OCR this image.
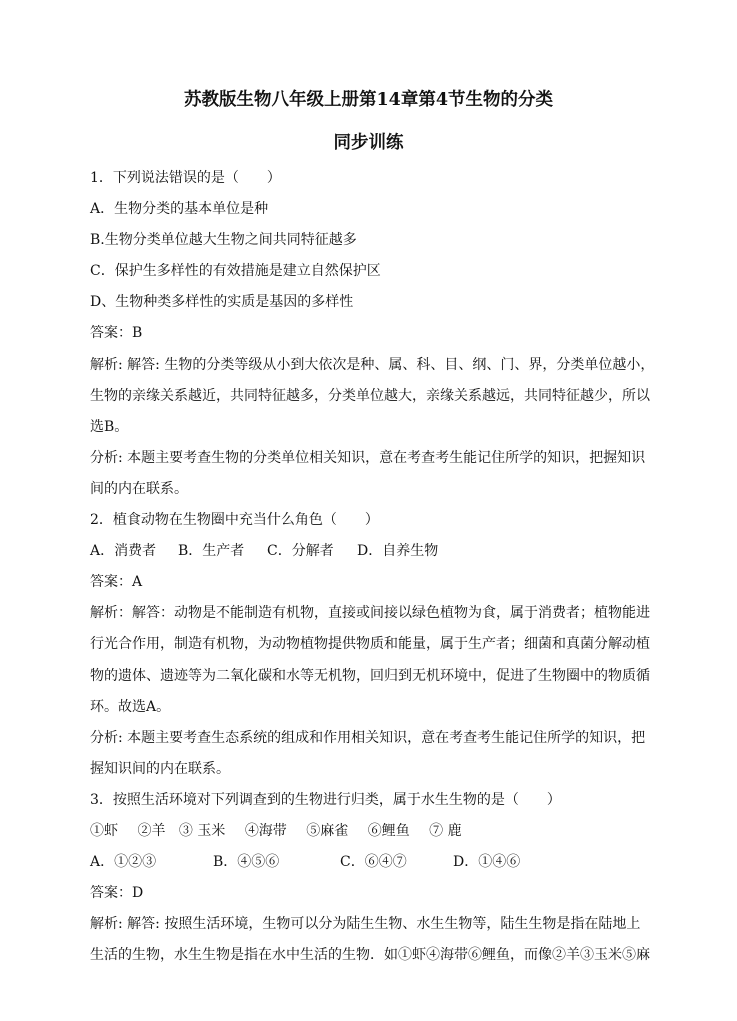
苏教版生物八年级上册第14章第4节生物的分类
同步训练
1．下列说法错误的是（　　）
A．生物分类的基本单位是种
B.生物分类单位越大生物之间共同特征越多
C．保护生多样性的有效措施是建立自然保护区
D、生物种类多样性的实质是基因的多样性
答案：B
解析: 解答: 生物的分类等级从小到大依次是种、属、科、目、纲、门、界，分类单位越小，
生物的亲缘关系越近，共同特征越多，分类单位越大，亲缘关系越远，共同特征越少，所以
选B。
分析: 本题主要考查生物的分类单位相关知识，意在考查考生能记住所学的知识，把握知识
间的内在联系。
2．植食动物在生物圈中充当什么角色（　　）
A．消费者	B．生产者	C．分解者	D．自养生物
答案：A
解析：解答：动物是不能制造有机物，直接或间接以绿色植物为食，属于消费者；植物能进
行光合作用，制造有机物，为动物植物提供物质和能量，属于生产者；细菌和真菌分解动植
物的遗体、遗迹等为二氧化碳和水等无机物，回归到无机环境中，促进了生物圈中的物质循
环。故选A。
分析: 本题主要考查生态系统的组成和作用相关知识，意在考查考生能记住所学的知识，把
握知识间的内在联系。
3．按照生活环境对下列调查到的生物进行归类，属于水生生物的是（　　）
①虾 ②羊 ③ 玉米 ④海带 ⑤麻雀 ⑥鲤鱼 ⑦ 鹿
A．①②③	B．④⑤⑥	C．⑥④⑦	D．①④⑥
答案：D
解析: 解答: 按照生活环境，生物可以分为陆生生物、水生生物等，陆生生物是指在陆地上
生活的生物，水生生物是指在水中生活的生物．如①虾④海带⑥鲤鱼，而像②羊③玉米⑤麻
